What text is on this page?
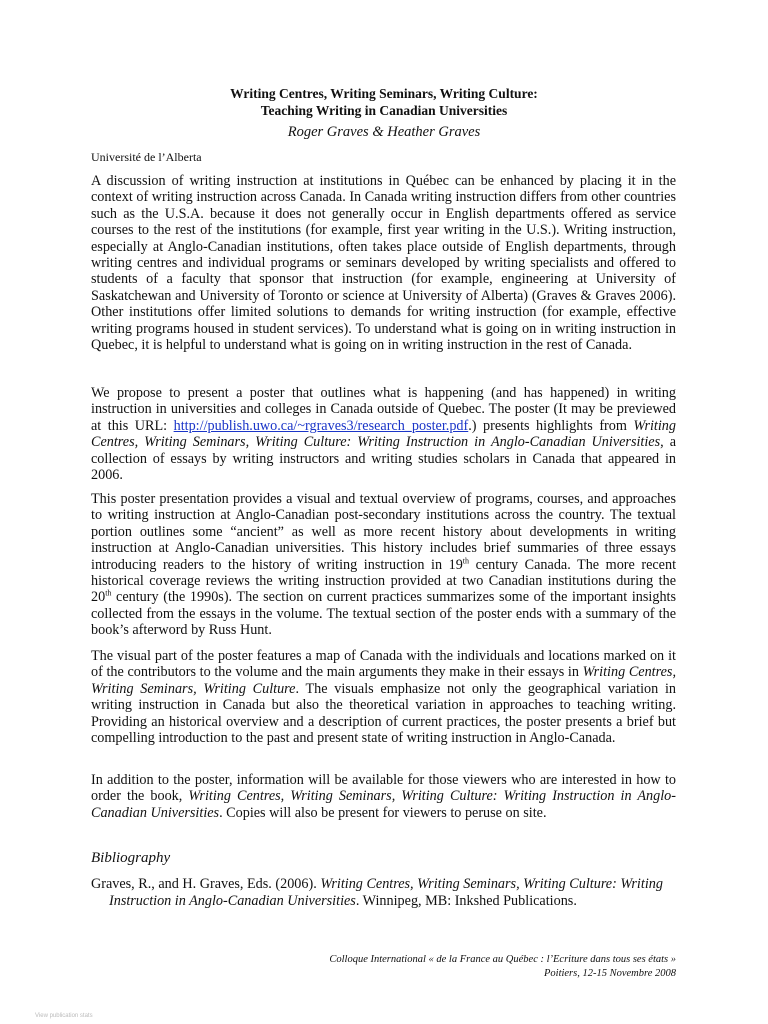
Writing Centres, Writing Seminars, Writing Culture:
Teaching Writing in Canadian Universities
Roger Graves & Heather Graves
Université de l’Alberta

A discussion of writing instruction at institutions in Québec can be enhanced by placing it in the context of writing instruction across Canada. In Canada writing instruction differs from other countries such as the U.S.A. because it does not generally occur in English departments offered as service courses to the rest of the institutions (for example, first year writing in the U.S.). Writing instruction, especially at Anglo-Canadian institutions, often takes place outside of English departments, through writing centres and individual programs or seminars developed by writing specialists and offered to students of a faculty that sponsor that instruction (for example, engineering at University of Saskatchewan and University of Toronto or science at University of Alberta) (Graves & Graves 2006). Other institutions offer limited solutions to demands for writing instruction (for example, effective writing programs housed in student services). To understand what is going on in writing instruction in Quebec, it is helpful to understand what is going on in writing instruction in the rest of Canada.

We propose to present a poster that outlines what is happening (and has happened) in writing instruction in universities and colleges in Canada outside of Quebec. The poster (It may be previewed at this URL: http://publish.uwo.ca/~rgraves3/research_poster.pdf.) presents highlights from Writing Centres, Writing Seminars, Writing Culture: Writing Instruction in Anglo-Canadian Universities, a collection of essays by writing instructors and writing studies scholars in Canada that appeared in 2006.

This poster presentation provides a visual and textual overview of programs, courses, and approaches to writing instruction at Anglo-Canadian post-secondary institutions across the country. The textual portion outlines some “ancient” as well as more recent history about developments in writing instruction at Anglo-Canadian universities. This history includes brief summaries of three essays introducing readers to the history of writing instruction in 19th century Canada. The more recent historical coverage reviews the writing instruction provided at two Canadian institutions during the 20th century (the 1990s). The section on current practices summarizes some of the important insights collected from the essays in the volume. The textual section of the poster ends with a summary of the book’s afterword by Russ Hunt.

The visual part of the poster features a map of Canada with the individuals and locations marked on it of the contributors to the volume and the main arguments they make in their essays in Writing Centres, Writing Seminars, Writing Culture. The visuals emphasize not only the geographical variation in writing instruction in Canada but also the theoretical variation in approaches to teaching writing. Providing an historical overview and a description of current practices, the poster presents a brief but compelling introduction to the past and present state of writing instruction in Anglo-Canada.

In addition to the poster, information will be available for those viewers who are interested in how to order the book, Writing Centres, Writing Seminars, Writing Culture: Writing Instruction in Anglo-Canadian Universities. Copies will also be present for viewers to peruse on site.

Bibliography
Graves, R., and H. Graves, Eds. (2006). Writing Centres, Writing Seminars, Writing Culture: Writing Instruction in Anglo-Canadian Universities. Winnipeg, MB: Inkshed Publications.
Colloque International « de la France au Québec : l’Ecriture dans tous ses états »
Poitiers, 12-15 Novembre 2008
View publication stats
